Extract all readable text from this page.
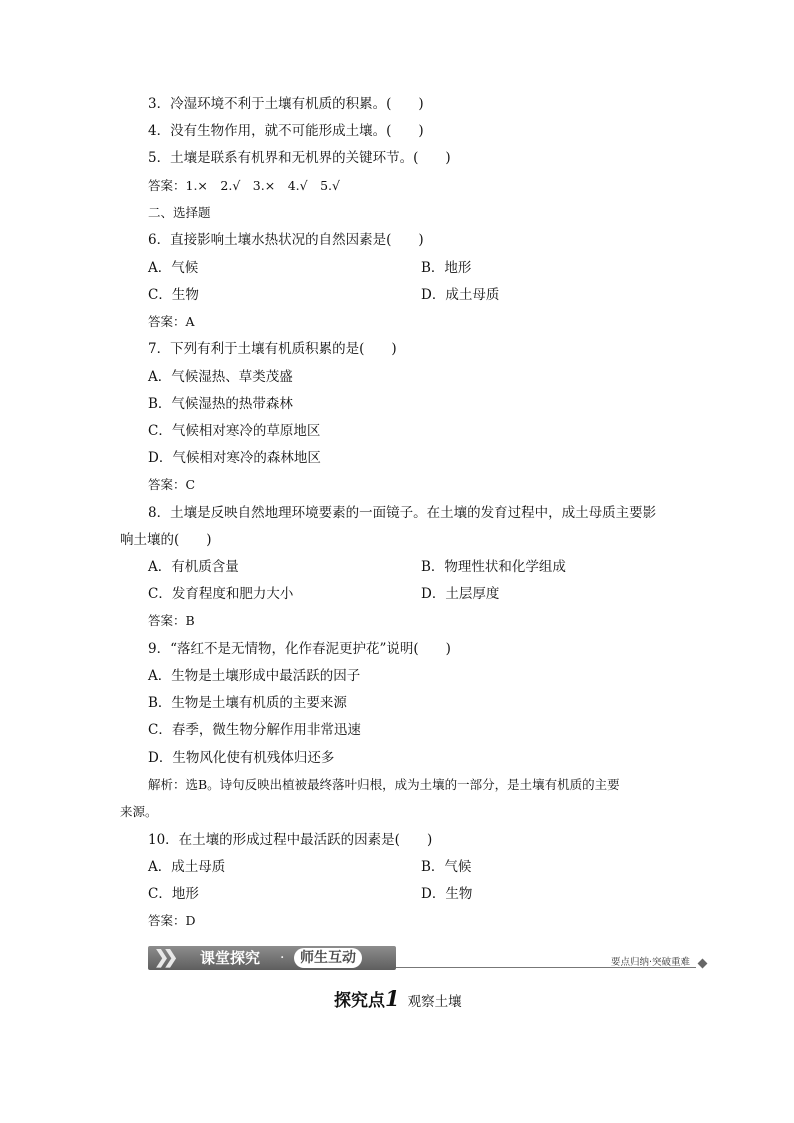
3．冷湿环境不利于土壤有机质的积累。(　　)
4．没有生物作用，就不可能形成土壤。(　　)
5．土壤是联系有机界和无机界的关键环节。(　　)
答案：1.×　2.√　3.×　4.√　5.√
二、选择题
6．直接影响土壤水热状况的自然因素是(　　)
A．气候	B．地形
C．生物	D．成土母质
答案：A
7．下列有利于土壤有机质积累的是(　　)
A．气候湿热、草类茂盛
B．气候湿热的热带森林
C．气候相对寒冷的草原地区
D．气候相对寒冷的森林地区
答案：C
8．土壤是反映自然地理环境要素的一面镜子。在土壤的发育过程中，成土母质主要影
响土壤的(　　)
A．有机质含量	B．物理性状和化学组成
C．发育程度和肥力大小	D．土层厚度
答案：B
9．“落红不是无情物，化作春泥更护花”说明(　　)
A．生物是土壤形成中最活跃的因子
B．生物是土壤有机质的主要来源
C．春季，微生物分解作用非常迅速
D．生物风化使有机残体归还多
解析：选B。诗句反映出植被最终落叶归根，成为土壤的一部分，是土壤有机质的主要
来源。
10．在土壤的形成过程中最活跃的因素是(　　)
A．成土母质	B．气候
C．地形	D．生物
答案：D
❯❯ 课堂探究 ·	师生互动	要点归纳·突破重难
探究点1 观察土壤
